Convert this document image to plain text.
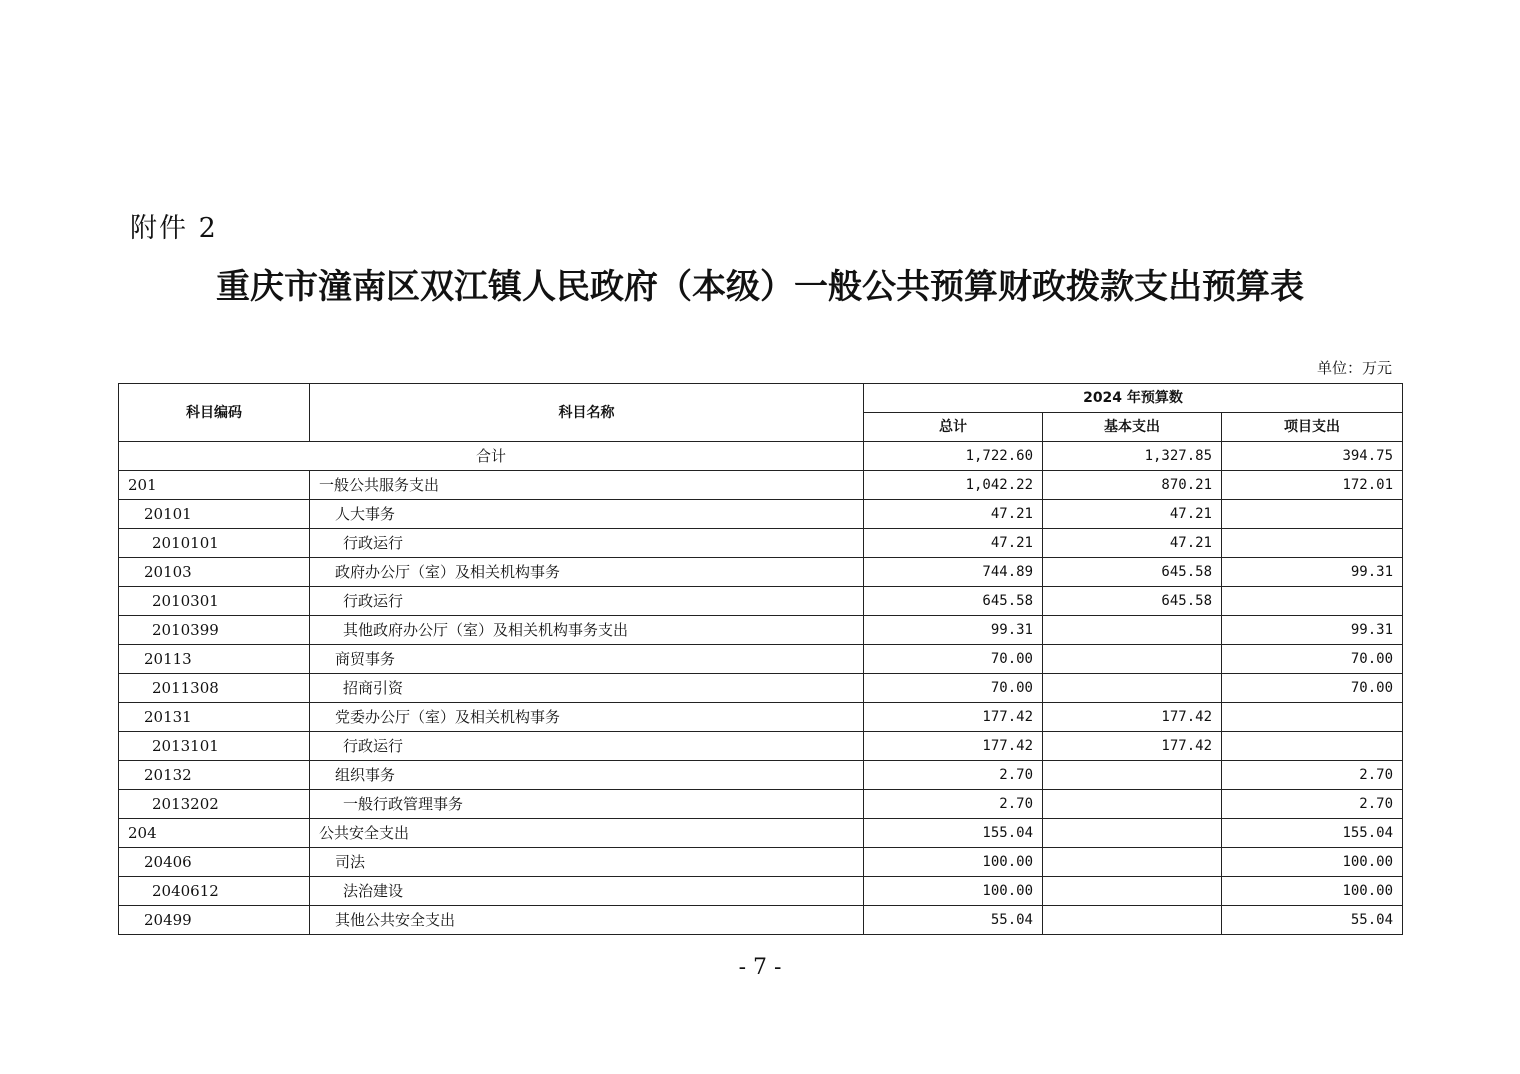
附件 2
重庆市潼南区双江镇人民政府（本级）一般公共预算财政拨款支出预算表
单位：万元
科目编码	科目名称	2024 年预算数		
		总计	基本支出	项目支出
合计		1,722.60	1,327.85	394.75
201	一般公共服务支出	1,042.22	870.21	172.01
20101	人大事务	47.21	47.21	
2010101	行政运行	47.21	47.21	
20103	政府办公厅（室）及相关机构事务	744.89	645.58	99.31
2010301	行政运行	645.58	645.58	
2010399	其他政府办公厅（室）及相关机构事务支出	99.31		99.31
20113	商贸事务	70.00		70.00
2011308	招商引资	70.00		70.00
20131	党委办公厅（室）及相关机构事务	177.42	177.42	
2013101	行政运行	177.42	177.42	
20132	组织事务	2.70		2.70
2013202	一般行政管理事务	2.70		2.70
204	公共安全支出	155.04		155.04
20406	司法	100.00		100.00
2040612	法治建设	100.00		100.00
20499	其他公共安全支出	55.04		55.04
- 7 -
